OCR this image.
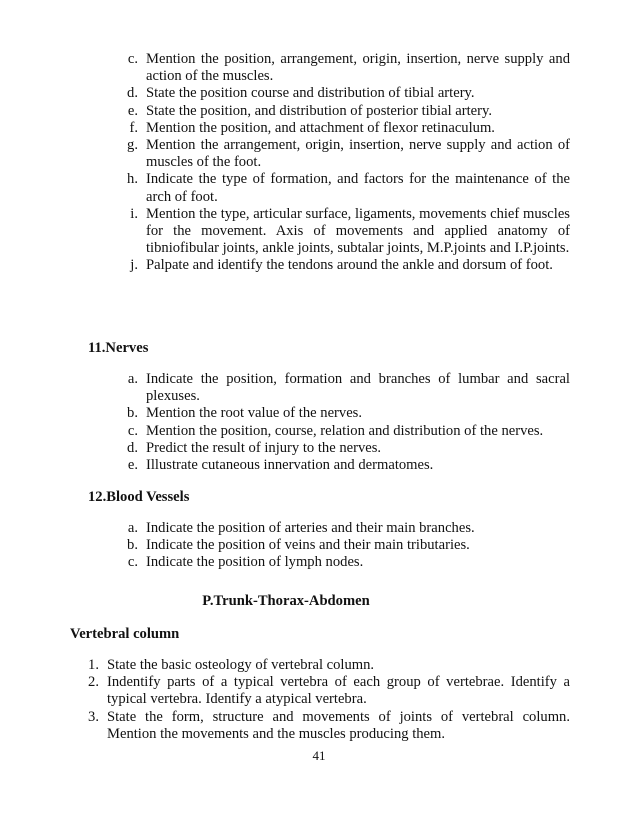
c. Mention the position, arrangement, origin, insertion, nerve supply and action of the muscles.
d. State the position course and distribution of tibial artery.
e. State the position, and distribution of posterior tibial artery.
f. Mention the position, and attachment of flexor retinaculum.
g. Mention the arrangement, origin, insertion, nerve supply and action of muscles of the foot.
h. Indicate the type of formation, and factors for the maintenance of the arch of foot.
i. Mention the type, articular surface, ligaments, movements chief muscles for the movement. Axis of movements and applied anatomy of tibniofibular joints, ankle joints, subtalar joints, M.P.joints and I.P.joints.
j. Palpate and identify the tendons around the ankle and dorsum of foot.
11.Nerves
a. Indicate the position, formation and branches of lumbar and sacral plexuses.
b. Mention the root value of the nerves.
c. Mention the position, course, relation and distribution of the nerves.
d. Predict the result of injury to the nerves.
e. Illustrate cutaneous innervation and dermatomes.
12.Blood Vessels
a. Indicate the position of arteries and their main branches.
b. Indicate the position of veins and their main tributaries.
c. Indicate the position of lymph nodes.
P.Trunk-Thorax-Abdomen
Vertebral column
1. State the basic osteology of vertebral column.
2. Indentify parts of a typical vertebra of each group of vertebrae. Identify a typical vertebra. Identify a atypical vertebra.
3. State the form, structure and movements of joints of vertebral column. Mention the movements and the muscles producing them.
41
